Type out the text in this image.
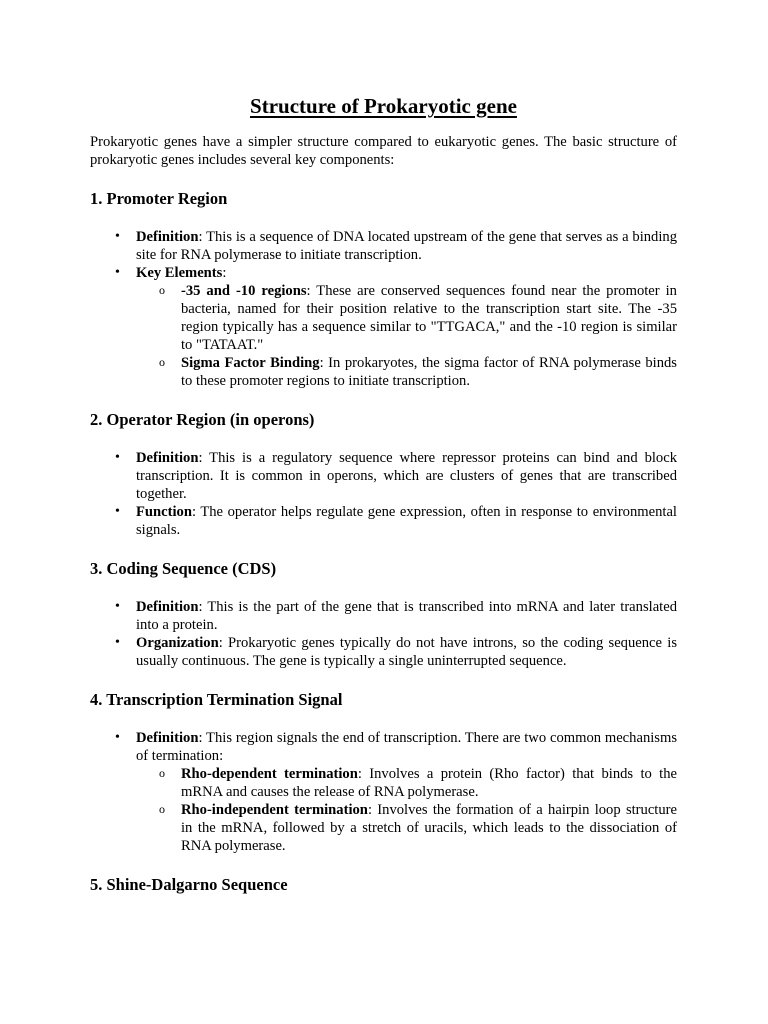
Structure of Prokaryotic gene

Prokaryotic genes have a simpler structure compared to eukaryotic genes. The basic structure of prokaryotic genes includes several key components:

1. Promoter Region
• Definition: This is a sequence of DNA located upstream of the gene that serves as a binding site for RNA polymerase to initiate transcription.
• Key Elements:
o -35 and -10 regions: These are conserved sequences found near the promoter in bacteria, named for their position relative to the transcription start site. The -35 region typically has a sequence similar to "TTGACA," and the -10 region is similar to "TATAAT."
o Sigma Factor Binding: In prokaryotes, the sigma factor of RNA polymerase binds to these promoter regions to initiate transcription.
2. Operator Region (in operons)
• Definition: This is a regulatory sequence where repressor proteins can bind and block transcription. It is common in operons, which are clusters of genes that are transcribed together.
• Function: The operator helps regulate gene expression, often in response to environmental signals.
3. Coding Sequence (CDS)
• Definition: This is the part of the gene that is transcribed into mRNA and later translated into a protein.
• Organization: Prokaryotic genes typically do not have introns, so the coding sequence is usually continuous. The gene is typically a single uninterrupted sequence.
4. Transcription Termination Signal
• Definition: This region signals the end of transcription. There are two common mechanisms of termination:
o Rho-dependent termination: Involves a protein (Rho factor) that binds to the mRNA and causes the release of RNA polymerase.
o Rho-independent termination: Involves the formation of a hairpin loop structure in the mRNA, followed by a stretch of uracils, which leads to the dissociation of RNA polymerase.
5. Shine-Dalgarno Sequence
